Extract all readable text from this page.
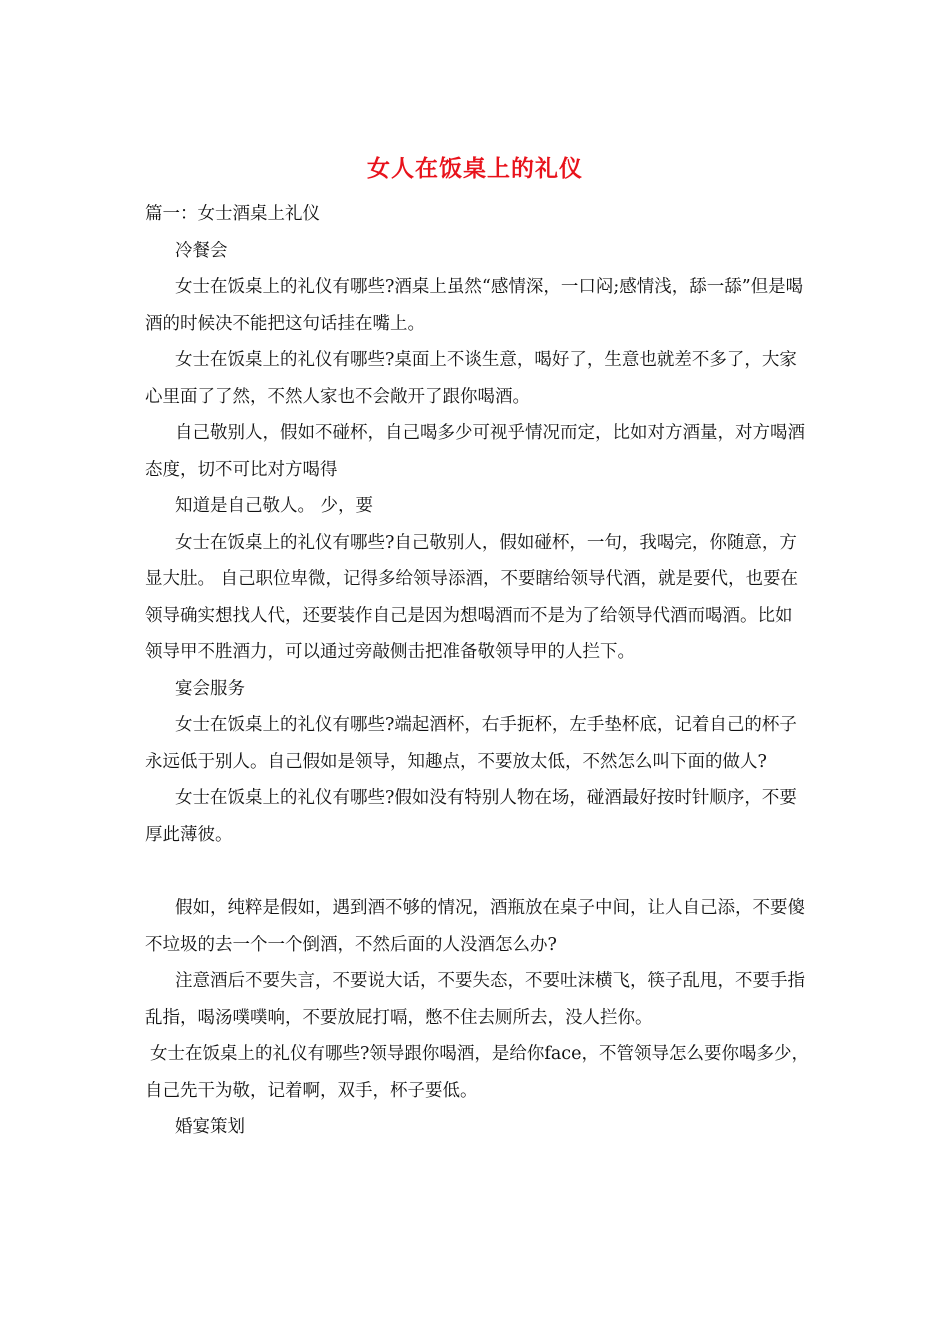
女人在饭桌上的礼仪

篇一：女士酒桌上礼仪

冷餐会

女士在饭桌上的礼仪有哪些?酒桌上虽然“感情深，一口闷;感情浅，舔一舔”但是喝酒的时候决不能把这句话挂在嘴上。

女士在饭桌上的礼仪有哪些?桌面上不谈生意，喝好了，生意也就差不多了，大家心里面了了然，不然人家也不会敞开了跟你喝酒。

自己敬别人，假如不碰杯，自己喝多少可视乎情况而定，比如对方酒量，对方喝酒态度，切不可比对方喝得

知道是自己敬人。 少，要

女士在饭桌上的礼仪有哪些?自己敬别人，假如碰杯，一句，我喝完，你随意，方显大肚。 自己职位卑微，记得多给领导添酒，不要瞎给领导代酒，就是要代，也要在领导确实想找人代，还要装作自己是因为想喝酒而不是为了给领导代酒而喝酒。比如领导甲不胜酒力，可以通过旁敲侧击把准备敬领导甲的人拦下。

宴会服务

女士在饭桌上的礼仪有哪些?端起酒杯，右手扼杯，左手垫杯底，记着自己的杯子永远低于别人。自己假如是领导，知趣点，不要放太低，不然怎么叫下面的做人?

女士在饭桌上的礼仪有哪些?假如没有特别人物在场，碰酒最好按时针顺序，不要厚此薄彼。

假如，纯粹是假如，遇到酒不够的情况，酒瓶放在桌子中间，让人自己添，不要傻不垃圾的去一个一个倒酒，不然后面的人没酒怎么办?

注意酒后不要失言，不要说大话，不要失态，不要吐沫横飞，筷子乱甩，不要手指乱指，喝汤噗噗响，不要放屁打嗝，憋不住去厕所去，没人拦你。

女士在饭桌上的礼仪有哪些?领导跟你喝酒，是给你face，不管领导怎么要你喝多少，自己先干为敬，记着啊，双手，杯子要低。

婚宴策划
